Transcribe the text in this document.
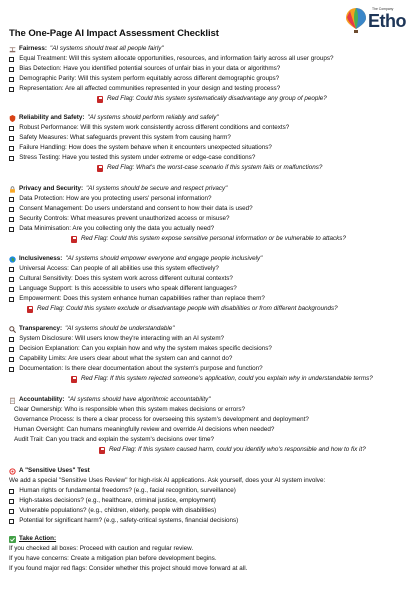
The One-Page AI Impact Assessment Checklist
The Company
Etho
Fairness: "AI systems should treat all people fairly"
Equal Treatment: Will this system allocate opportunities, resources, and information fairly across all user groups?
Bias Detection: Have you identified potential sources of unfair bias in your data or algorithms?
Demographic Parity: Will this system perform equitably across different demographic groups?
Representation: Are all affected communities represented in your design and testing process?
Red Flag: Could this system systematically disadvantage any group of people?
Reliability and Safety: "AI systems should perform reliably and safely"
Robust Performance: Will this system work consistently across different conditions and contexts?
Safety Measures: What safeguards prevent this system from causing harm?
Failure Handling: How does the system behave when it encounters unexpected situations?
Stress Testing: Have you tested this system under extreme or edge-case conditions?
Red Flag: What's the worst-case scenario if this system fails or malfunctions?
Privacy and Security: "AI systems should be secure and respect privacy"
Data Protection: How are you protecting users' personal information?
Consent Management: Do users understand and consent to how their data is used?
Security Controls: What measures prevent unauthorized access or misuse?
Data Minimisation: Are you collecting only the data you actually need?
Red Flag: Could this system expose sensitive personal information or be vulnerable to attacks?
Inclusiveness: "AI systems should empower everyone and engage people inclusively"
Universal Access: Can people of all abilities use this system effectively?
Cultural Sensitivity: Does this system work across different cultural contexts?
Language Support: Is this accessible to users who speak different languages?
Empowerment: Does this system enhance human capabilities rather than replace them?
Red Flag: Could this system exclude or disadvantage people with disabilities or from different backgrounds?
Transparency: "AI systems should be understandable"
System Disclosure: Will users know they're interacting with an AI system?
Decision Explanation: Can you explain how and why the system makes specific decisions?
Capability Limits: Are users clear about what the system can and cannot do?
Documentation: Is there clear documentation about the system's purpose and function?
Red Flag: If this system rejected someone's application, could you explain why in understandable terms?
Accountability: "AI systems should have algorithmic accountability"
Clear Ownership: Who is responsible when this system makes decisions or errors?
Governance Process: Is there a clear process for overseeing this system's development and deployment?
Human Oversight: Can humans meaningfully review and override AI decisions when needed?
Audit Trail: Can you track and explain the system's decisions over time?
Red Flag: If this system caused harm, could you identify who's responsible and how to fix it?
A "Sensitive Uses" Test
We add a special "Sensitive Uses Review" for high-risk AI applications. Ask yourself, does your AI system involve:
Human rights or fundamental freedoms? (e.g., facial recognition, surveillance)
High-stakes decisions? (e.g., healthcare, criminal justice, employment)
Vulnerable populations? (e.g., children, elderly, people with disabilities)
Potential for significant harm? (e.g., safety-critical systems, financial decisions)
Take Action:
If you checked all boxes: Proceed with caution and regular review.
If you have concerns: Create a mitigation plan before development begins.
If you found major red flags: Consider whether this project should move forward at all.
